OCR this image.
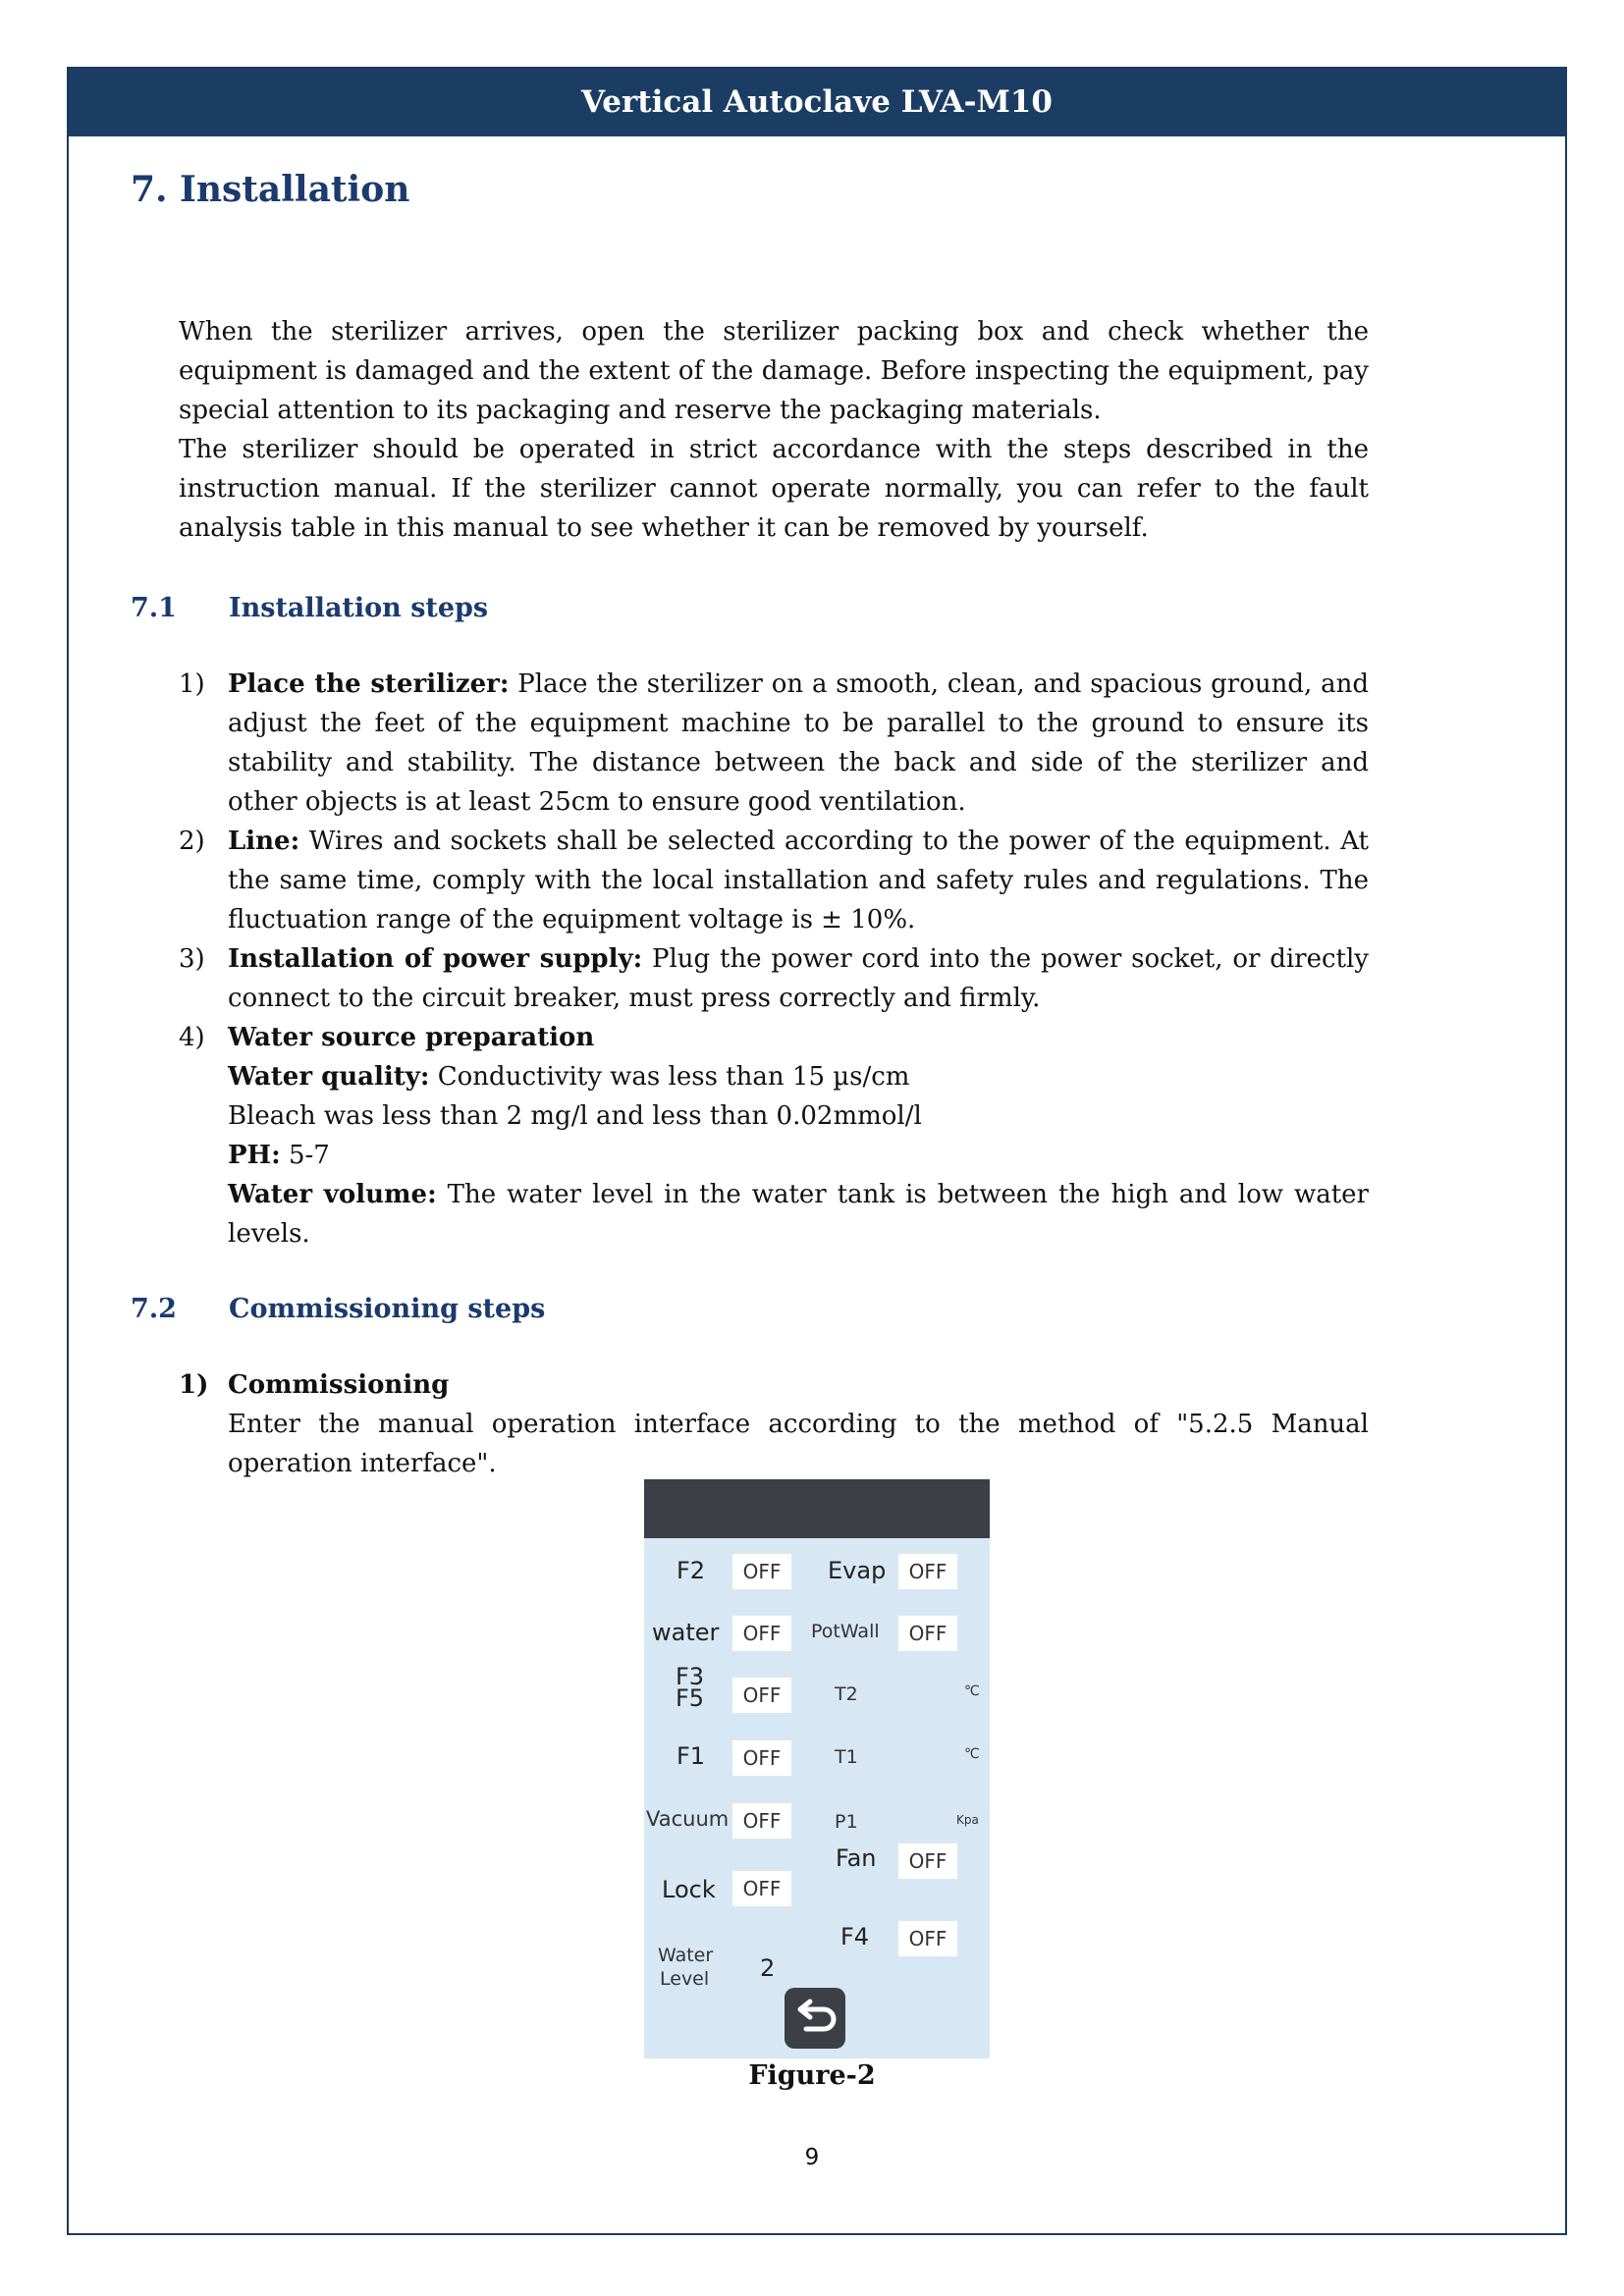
Vertical Autoclave LVA-M10
7. Installation
When the sterilizer arrives, open the sterilizer packing box and check whether the equipment is damaged and the extent of the damage. Before inspecting the equipment, pay special attention to its packaging and reserve the packaging materials.
The sterilizer should be operated in strict accordance with the steps described in the instruction manual. If the sterilizer cannot operate normally, you can refer to the fault analysis table in this manual to see whether it can be removed by yourself.
7.1 Installation steps
1) Place the sterilizer: Place the sterilizer on a smooth, clean, and spacious ground, and adjust the feet of the equipment machine to be parallel to the ground to ensure its stability and stability. The distance between the back and side of the sterilizer and other objects is at least 25cm to ensure good ventilation.
2) Line: Wires and sockets shall be selected according to the power of the equipment. At the same time, comply with the local installation and safety rules and regulations. The fluctuation range of the equipment voltage is ± 10%.
3) Installation of power supply: Plug the power cord into the power socket, or directly connect to the circuit breaker, must press correctly and firmly.
4) Water source preparation
Water quality: Conductivity was less than 15 µs/cm
Bleach was less than 2 mg/l and less than 0.02mmol/l
PH: 5-7
Water volume: The water level in the water tank is between the high and low water levels.
7.2 Commissioning steps
1) Commissioning
Enter the manual operation interface according to the method of "5.2.5 Manual operation interface".
F2	OFF	Evap	OFF
water	OFF	PotWall	OFF
F3
F5	OFF	T2	℃
F1	OFF	T1	℃
Vacuum OFF	P1	Kpa
Fan	OFF
Lock	OFF
F4	OFF
Water
Level 2
Figure-2
9
